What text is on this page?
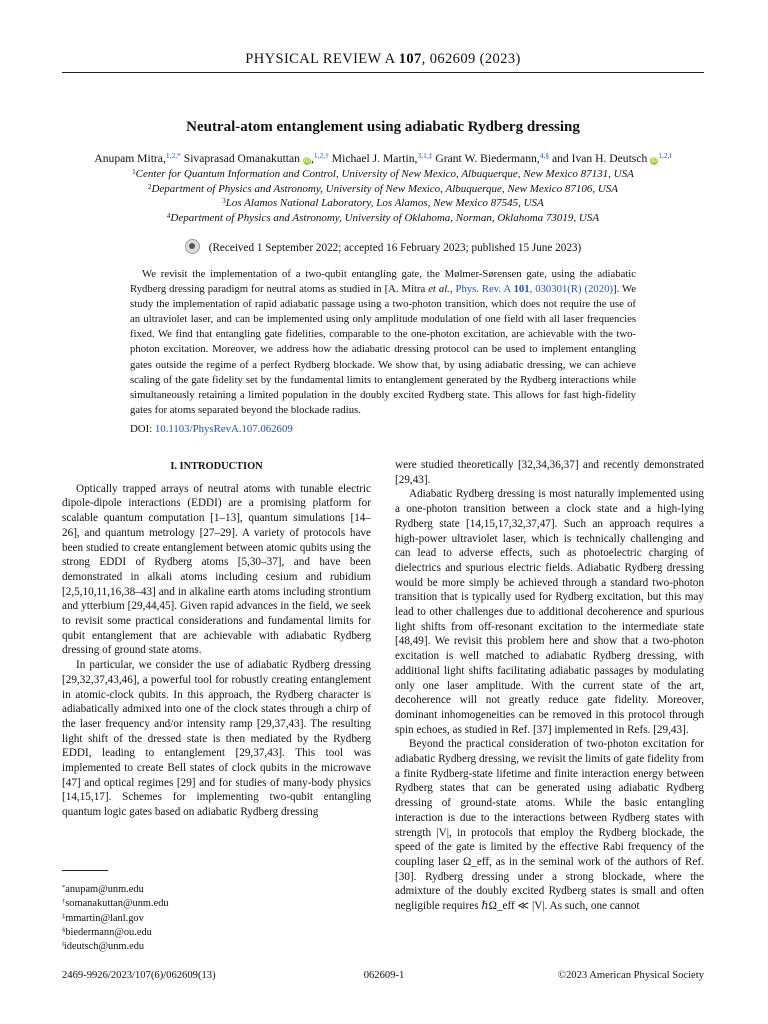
PHYSICAL REVIEW A 107, 062609 (2023)
Neutral-atom entanglement using adiabatic Rydberg dressing
Anupam Mitra,$^{1,2,*}$ Sivaprasad Omanakuttan iD,$^{1,2,\dagger}$ Michael J. Martin,$^{3,1,\ddagger}$ Grant W. Biedermann,$^{4,\S}$ and Ivan H. Deutsch $iD^{1,2,‖}$
$^1$Center for Quantum Information and Control, University of New Mexico, Albuquerque, New Mexico 87131, USA
$^2$Department of Physics and Astronomy, University of New Mexico, Albuquerque, New Mexico 87106, USA
$^3$Los Alamos National Laboratory, Los Alamos, New Mexico 87545, USA
$^4$Department of Physics and Astronomy, University of Oklahoma, Norman, Oklahoma 73019, USA
(Received 1 September 2022; accepted 16 February 2023; published 15 June 2023)
We revisit the implementation of a two-qubit entangling gate, the Mølmer-Sørensen gate, using the adiabatic Rydberg dressing paradigm for neutral atoms as studied in [A. Mitra et al., Phys. Rev. A 101, 030301(R) (2020)]. We study the implementation of rapid adiabatic passage using a two-photon transition, which does not require the use of an ultraviolet laser, and can be implemented using only amplitude modulation of one field with all laser frequencies fixed. We find that entangling gate fidelities, comparable to the one-photon excitation, are achievable with the two-photon excitation. Moreover, we address how the adiabatic dressing protocol can be used to implement entangling gates outside the regime of a perfect Rydberg blockade. We show that, by using adiabatic dressing, we can achieve scaling of the gate fidelity set by the fundamental limits to entanglement generated by the Rydberg interactions while simultaneously retaining a limited population in the doubly excited Rydberg state. This allows for fast high-fidelity gates for atoms separated beyond the blockade radius.
DOI: 10.1103/PhysRevA.107.062609
I. INTRODUCTION

Optically trapped arrays of neutral atoms with tunable electric dipole-dipole interactions (EDDI) are a promising platform for scalable quantum computation [1–13], quantum simulations [14–26], and quantum metrology [27–29]. A variety of protocols have been studied to create entanglement between atomic qubits using the strong EDDI of Rydberg atoms [5,30–37], and have been demonstrated in alkali atoms including cesium and rubidium [2,5,10,11,16,38–43] and in alkaline earth atoms including strontium and ytterbium [29,44,45]. Given rapid advances in the field, we seek to revisit some practical considerations and fundamental limits for qubit entanglement that are achievable with adiabatic Rydberg dressing of ground state atoms.

In particular, we consider the use of adiabatic Rydberg dressing [29,32,37,43,46], a powerful tool for robustly creating entanglement in atomic-clock qubits. In this approach, the Rydberg character is adiabatically admixed into one of the clock states through a chirp of the laser frequency and/or intensity ramp [29,37,43]. The resulting light shift of the dressed state is then mediated by the Rydberg EDDI, leading to entanglement [29,37,43]. This tool was implemented to create Bell states of clock qubits in the microwave [47] and optical regimes [29] and for studies of many-body physics [14,15,17]. Schemes for implementing two-qubit entangling quantum logic gates based on adiabatic Rydberg dressing

were studied theoretically [32,34,36,37] and recently demonstrated [29,43].

Adiabatic Rydberg dressing is most naturally implemented using a one-photon transition between a clock state and a high-lying Rydberg state [14,15,17,32,37,47]. Such an approach requires a high-power ultraviolet laser, which is technically challenging and can lead to adverse effects, such as photoelectric charging of dielectrics and spurious electric fields. Adiabatic Rydberg dressing would be more simply be achieved through a standard two-photon transition that is typically used for Rydberg excitation, but this may lead to other challenges due to additional decoherence and spurious light shifts from off-resonant excitation to the intermediate state [48,49]. We revisit this problem here and show that a two-photon excitation is well matched to adiabatic Rydberg dressing, with additional light shifts facilitating adiabatic passages by modulating only one laser amplitude. With the current state of the art, decoherence will not greatly reduce gate fidelity. Moreover, dominant inhomogeneities can be removed in this protocol through spin echoes, as studied in Ref. [37] implemented in Refs. [29,43].

Beyond the practical consideration of two-photon excitation for adiabatic Rydberg dressing, we revisit the limits of gate fidelity from a finite Rydberg-state lifetime and finite interaction energy between Rydberg states that can be generated using adiabatic Rydberg dressing of ground-state atoms. While the basic entangling interaction is due to the interactions between Rydberg states with strength |V|, in protocols that employ the Rydberg blockade, the speed of the gate is limited by the effective Rabi frequency of the coupling laser Ω_eff, as in the seminal work of the authors of Ref. [30]. Rydberg dressing under a strong blockade, where the admixture of the doubly excited Rydberg states is small and often negligible requires ℏΩ_eff ≪ |V|. As such, one cannot

*anupam@unm.edu
†somanakuttan@unm.edu
‡mmartin@lanl.gov
§biedermann@ou.edu
‖ideutsch@unm.edu
2469-9926/2023/107(6)/062609(13)	062609-1	©2023 American Physical Society
